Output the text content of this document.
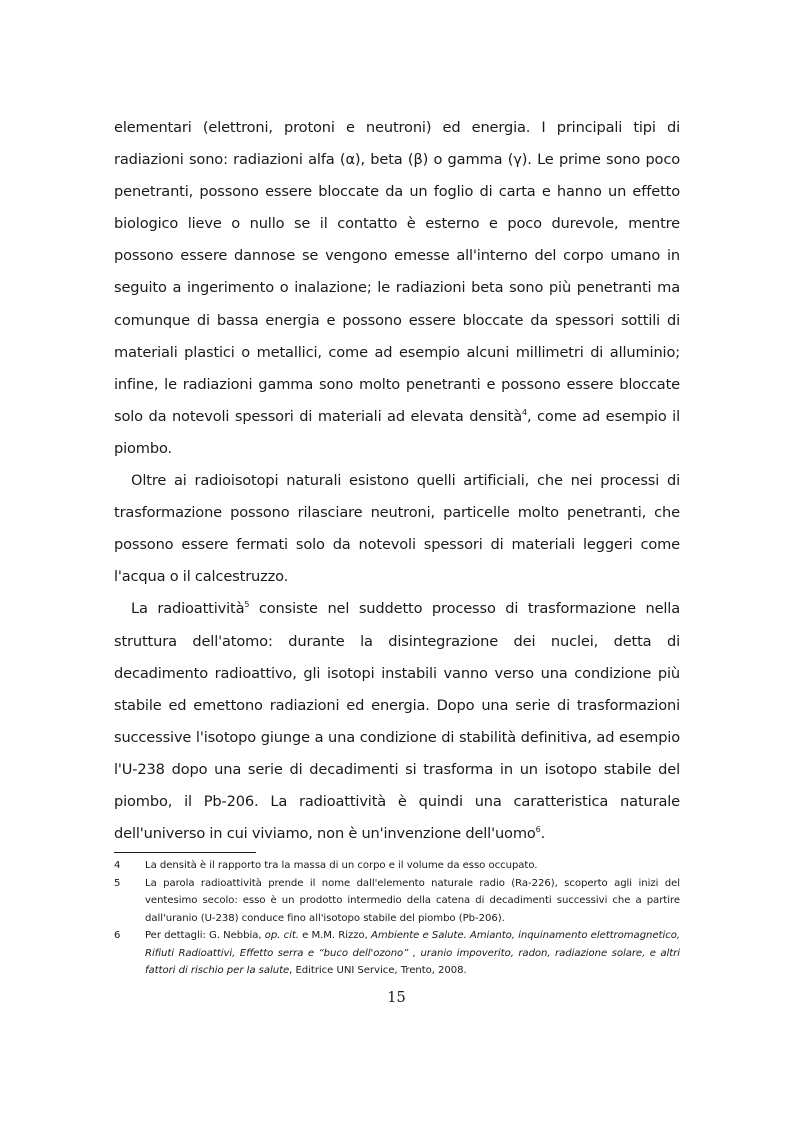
elementari (elettroni, protoni e neutroni) ed energia. I principali tipi di radiazioni sono: radiazioni alfa (α), beta (β) o gamma (γ). Le prime sono poco penetranti, possono essere bloccate da un foglio di carta e hanno un effetto biologico lieve o nullo se il contatto è esterno e poco durevole, mentre possono essere dannose se vengono emesse all'interno del corpo umano in seguito a ingerimento o inalazione; le radiazioni beta sono più penetranti ma comunque di bassa energia e possono essere bloccate da spessori sottili di materiali plastici o metallici, come ad esempio alcuni millimetri di alluminio; infine, le radiazioni gamma sono molto penetranti e possono essere bloccate solo da notevoli spessori di materiali ad elevata densità$^4$, come ad esempio il piombo.

Oltre ai radioisotopi naturali esistono quelli artificiali, che nei processi di trasformazione possono rilasciare neutroni, particelle molto penetranti, che possono essere fermati solo da notevoli spessori di materiali leggeri come l'acqua o il calcestruzzo.

La radioattività$^5$ consiste nel suddetto processo di trasformazione nella struttura dell'atomo: durante la disintegrazione dei nuclei, detta di decadimento radioattivo, gli isotopi instabili vanno verso una condizione più stabile ed emettono radiazioni ed energia. Dopo una serie di trasformazioni successive l'isotopo giunge a una condizione di stabilità definitiva, ad esempio l'U-238 dopo una serie di decadimenti si trasforma in un isotopo stabile del piombo, il Pb-206. La radioattività è quindi una caratteristica naturale dell'universo in cui viviamo, non è un'invenzione dell'uomo$^6$.

4	La densità è il rapporto tra la massa di un corpo e il volume da esso occupato.
5	La parola radioattività prende il nome dall'elemento naturale radio (Ra-226), scoperto agli inizi del ventesimo secolo: esso è un prodotto intermedio della catena di decadimenti successivi che a partire dall'uranio (U-238) conduce fino all'isotopo stabile del piombo (Pb-206).
6	Per dettagli: G. Nebbia, op. cit. e M.M. Rizzo, Ambiente e Salute. Amianto, inquinamento elettromagnetico, Rifiuti Radioattivi, Effetto serra e “buco dell'ozono” , uranio impoverito, radon, radiazione solare, e altri fattori di rischio per la salute, Editrice UNI Service, Trento, 2008.
15
